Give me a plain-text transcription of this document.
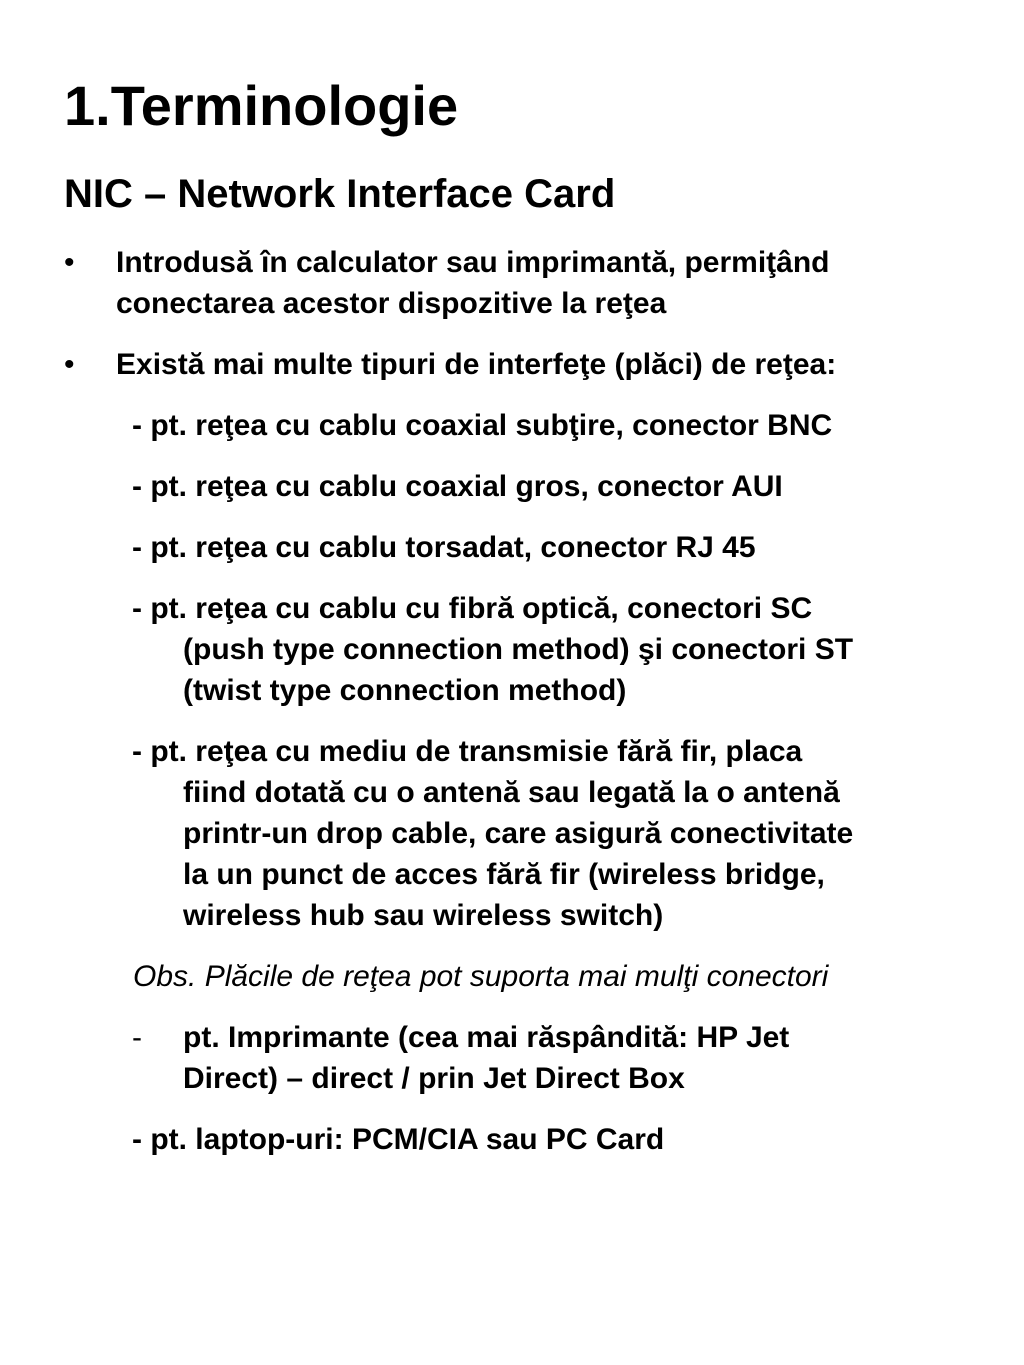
1.Terminologie
NIC – Network Interface Card
• Introdusă în calculator sau imprimantă, permiţând
conectarea acestor dispozitive la reţea
• Există mai multe tipuri de interfeţe (plăci) de reţea:
- pt. reţea cu cablu coaxial subţire, conector BNC
- pt. reţea cu cablu coaxial gros, conector AUI
- pt. reţea cu cablu torsadat, conector RJ 45
- pt. reţea cu cablu cu fibră optică, conectori SC
(push type connection method) şi conectori ST
(twist type connection method)
- pt. reţea cu mediu de transmisie fără fir, placa
fiind dotată cu o antenă sau legată la o antenă
printr-un drop cable, care asigură conectivitate
la un punct de acces fără fir (wireless bridge,
wireless hub sau wireless switch)
Obs. Plăcile de reţea pot suporta mai mulţi conectori
- pt. Imprimante (cea mai răspândită: HP Jet
Direct) – direct / prin Jet Direct Box
- pt. laptop-uri: PCM/CIA sau PC Card
